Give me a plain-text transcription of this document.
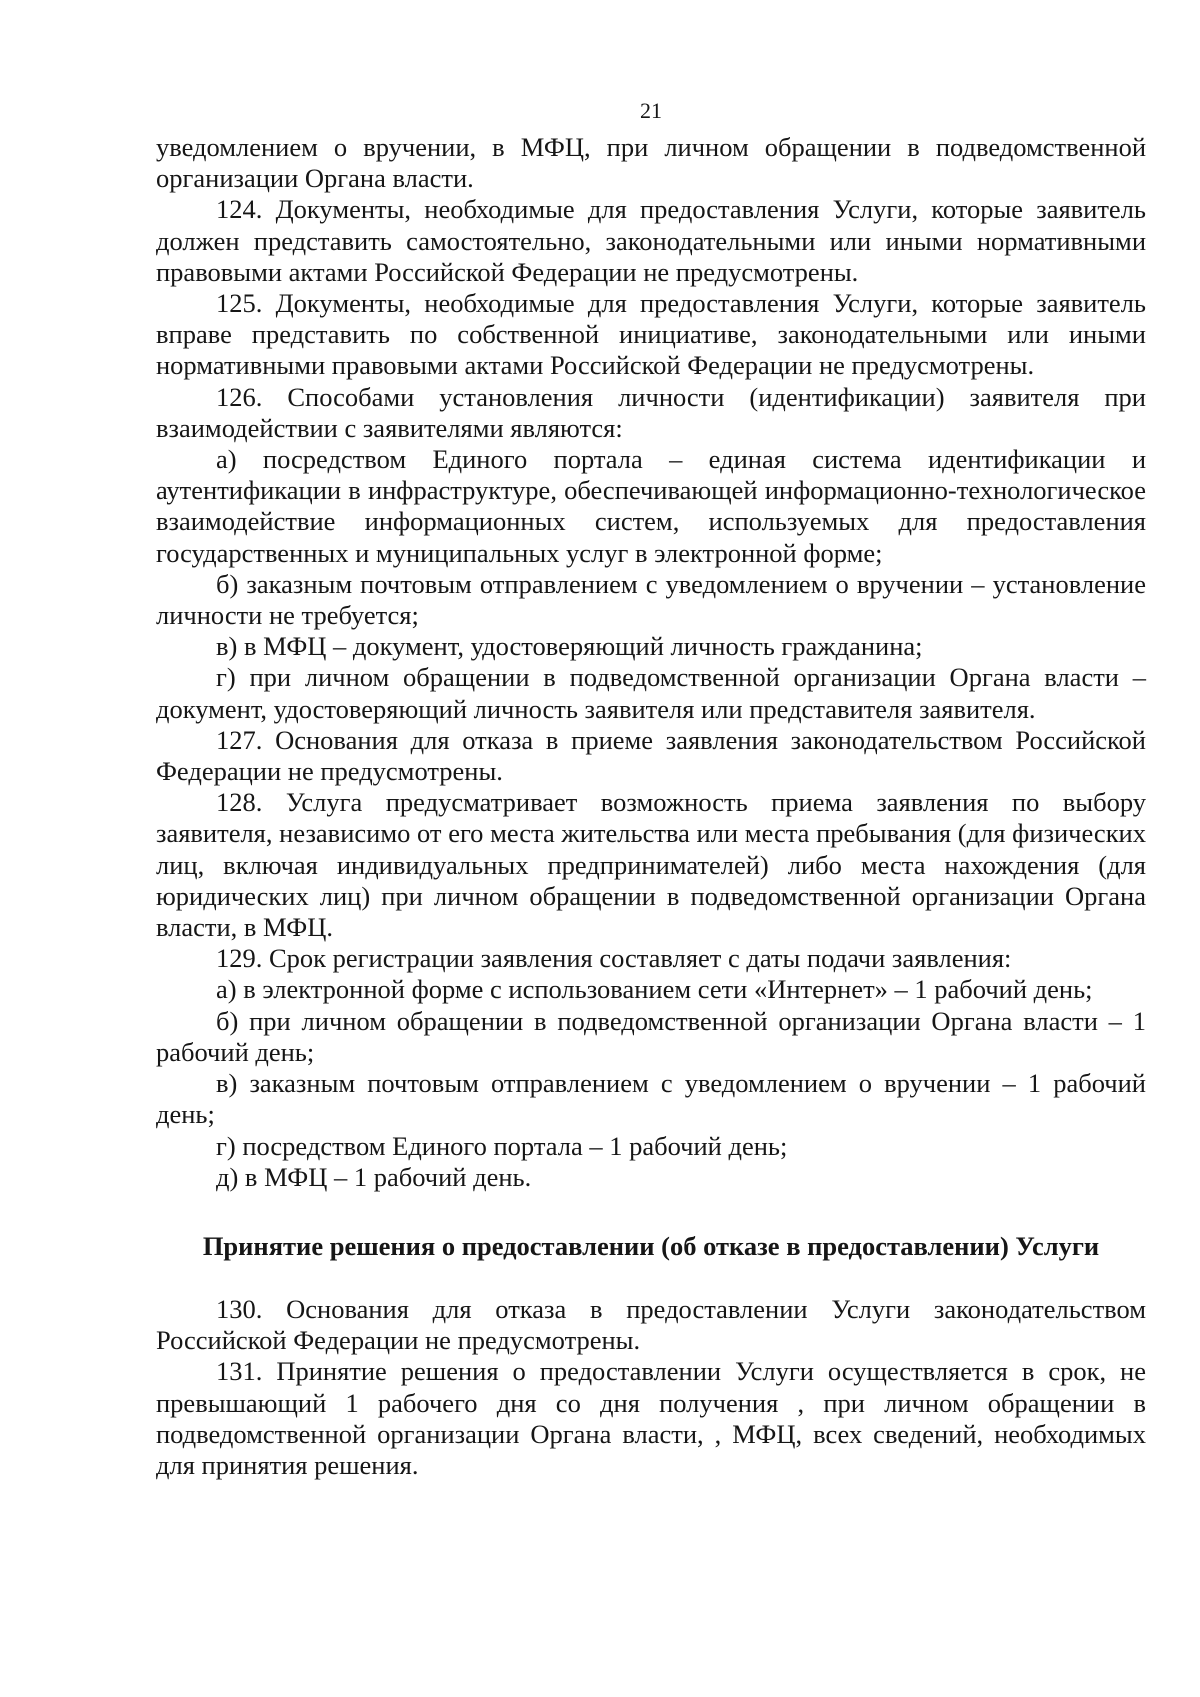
21

уведомлением о вручении, в МФЦ, при личном обращении в подведомственной организации Органа власти.

124. Документы, необходимые для предоставления Услуги, которые заявитель должен представить самостоятельно, законодательными или иными нормативными правовыми актами Российской Федерации не предусмотрены.

125. Документы, необходимые для предоставления Услуги, которые заявитель вправе представить по собственной инициативе, законодательными или иными нормативными правовыми актами Российской Федерации не предусмотрены.

126. Способами установления личности (идентификации) заявителя при взаимодействии с заявителями являются:

а) посредством Единого портала – единая система идентификации и аутентификации в инфраструктуре, обеспечивающей информационно-технологическое взаимодействие информационных систем, используемых для предоставления государственных и муниципальных услуг в электронной форме;

б) заказным почтовым отправлением с уведомлением о вручении – установление личности не требуется;

в) в МФЦ – документ, удостоверяющий личность гражданина;

г) при личном обращении в подведомственной организации Органа власти – документ, удостоверяющий личность заявителя или представителя заявителя.

127. Основания для отказа в приеме заявления законодательством Российской Федерации не предусмотрены.

128. Услуга предусматривает возможность приема заявления по выбору заявителя, независимо от его места жительства или места пребывания (для физических лиц, включая индивидуальных предпринимателей) либо места нахождения (для юридических лиц) при личном обращении в подведомственной организации Органа власти, в МФЦ.

129. Срок регистрации заявления составляет с даты подачи заявления:

а) в электронной форме с использованием сети «Интернет» – 1 рабочий день;

б) при личном обращении в подведомственной организации Органа власти – 1 рабочий день;

в) заказным почтовым отправлением с уведомлением о вручении – 1 рабочий день;

г) посредством Единого портала – 1 рабочий день;

д) в МФЦ – 1 рабочий день.

Принятие решения о предоставлении (об отказе в предоставлении) Услуги

130. Основания для отказа в предоставлении Услуги законодательством Российской Федерации не предусмотрены.

131. Принятие решения о предоставлении Услуги осуществляется в срок, не превышающий 1 рабочего дня со дня получения , при личном обращении в подведомственной организации Органа власти, , МФЦ, всех сведений, необходимых для принятия решения.
